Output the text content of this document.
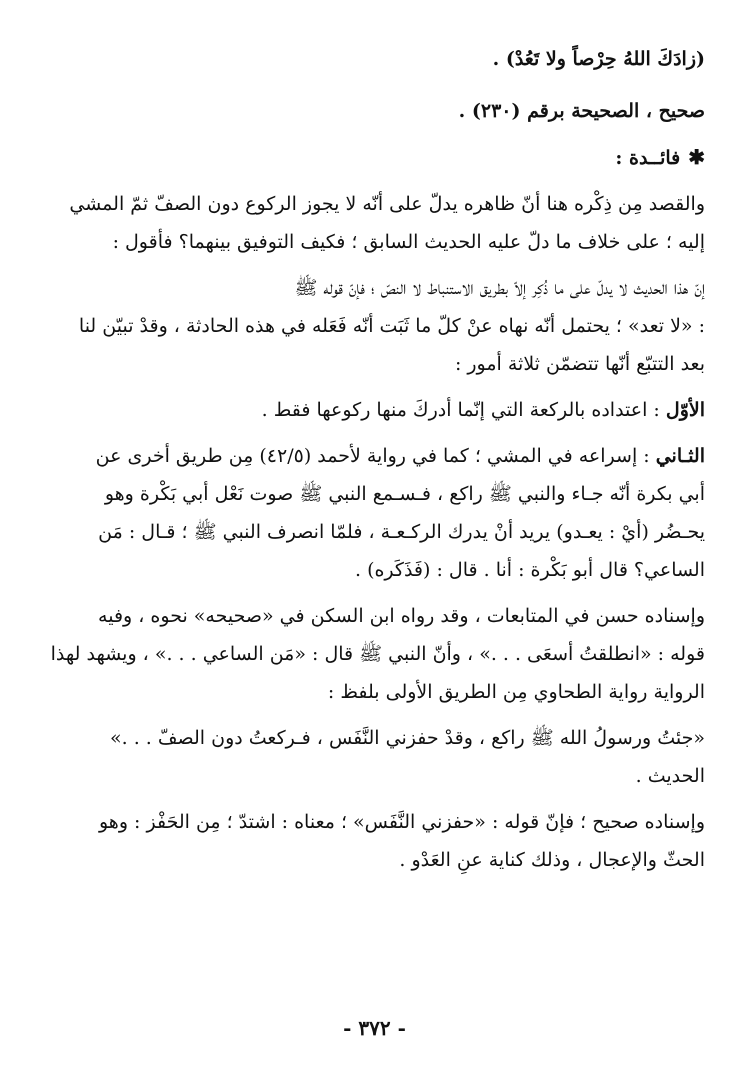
(زادَكَ اللهُ حِرْصاً ولا تَعُدْ) .
صحيح ، الصحيحة برقم (٢٣٠) .
✱فائــدة :
والقصد مِن ذِكْره هنا أنّ ظاهره يدلّ على أنّه لا يجوز الركوع دون الصفّ ثمّ المشي
إليه ؛ على خلاف ما دلّ عليه الحديث السابق ؛ فكيف التوفيق بينهما؟ فأقول :
إنّ هذا الحديث لا يدلّ على ما ذُكِر إلاّ بطريق الاستنباط لا النصّ ؛ فإنّ قوله ﷺ
: «لا تعد» ؛ يحتمل أنّه نهاه عنْ كلّ ما ثَبَت أنّه فَعَله في هذه الحادثة ، وقدْ تبيّن لنا
بعد التتبّع أنّها تتضمّن ثلاثة أمور :
الأوّل : اعتداده بالركعة التي إنّما أدركَ منها ركوعها فقط .
الثـاني : إسراعه في المشي ؛ كما في رواية لأحمد (٤٢/٥) مِن طريق أخرى عن
أبي بكرة أنّه جـاء والنبي ﷺ راكع ، فـسـمع النبي ﷺ صوت نَعْل أبي بَكْرة وهو
يحـضُر (أيْ : يعـدو) يريد أنْ يدرك الركـعـة ، فلمّا انصرف النبي ﷺ ؛ قـال : مَن
الساعي؟ قال أبو بَكْرة : أنا . قال : (فَذَكَره) .
وإسناده حسن في المتابعات ، وقد رواه ابن السكن في «صحيحه» نحوه ، وفيه
قوله : «انطلقتُ أسعَى . . .» ، وأنّ النبي ﷺ قال : «مَن الساعي . . .» ، ويشهد لهذا
الرواية رواية الطحاوي مِن الطريق الأولى بلفظ :
«جئتُ ورسولُ الله ﷺ راكع ، وقدْ حفزني النَّفَس ، فـركعتُ دون الصفّ . . .»
الحديث .
وإسناده صحيح ؛ فإنّ قوله : «حفزني النَّفَس» ؛ معناه : اشتدّ ؛ مِن الحَفْز : وهو
الحثّ والإعجال ، وذلك كناية عنِ العَدْو .
- ٣٧٢ -
